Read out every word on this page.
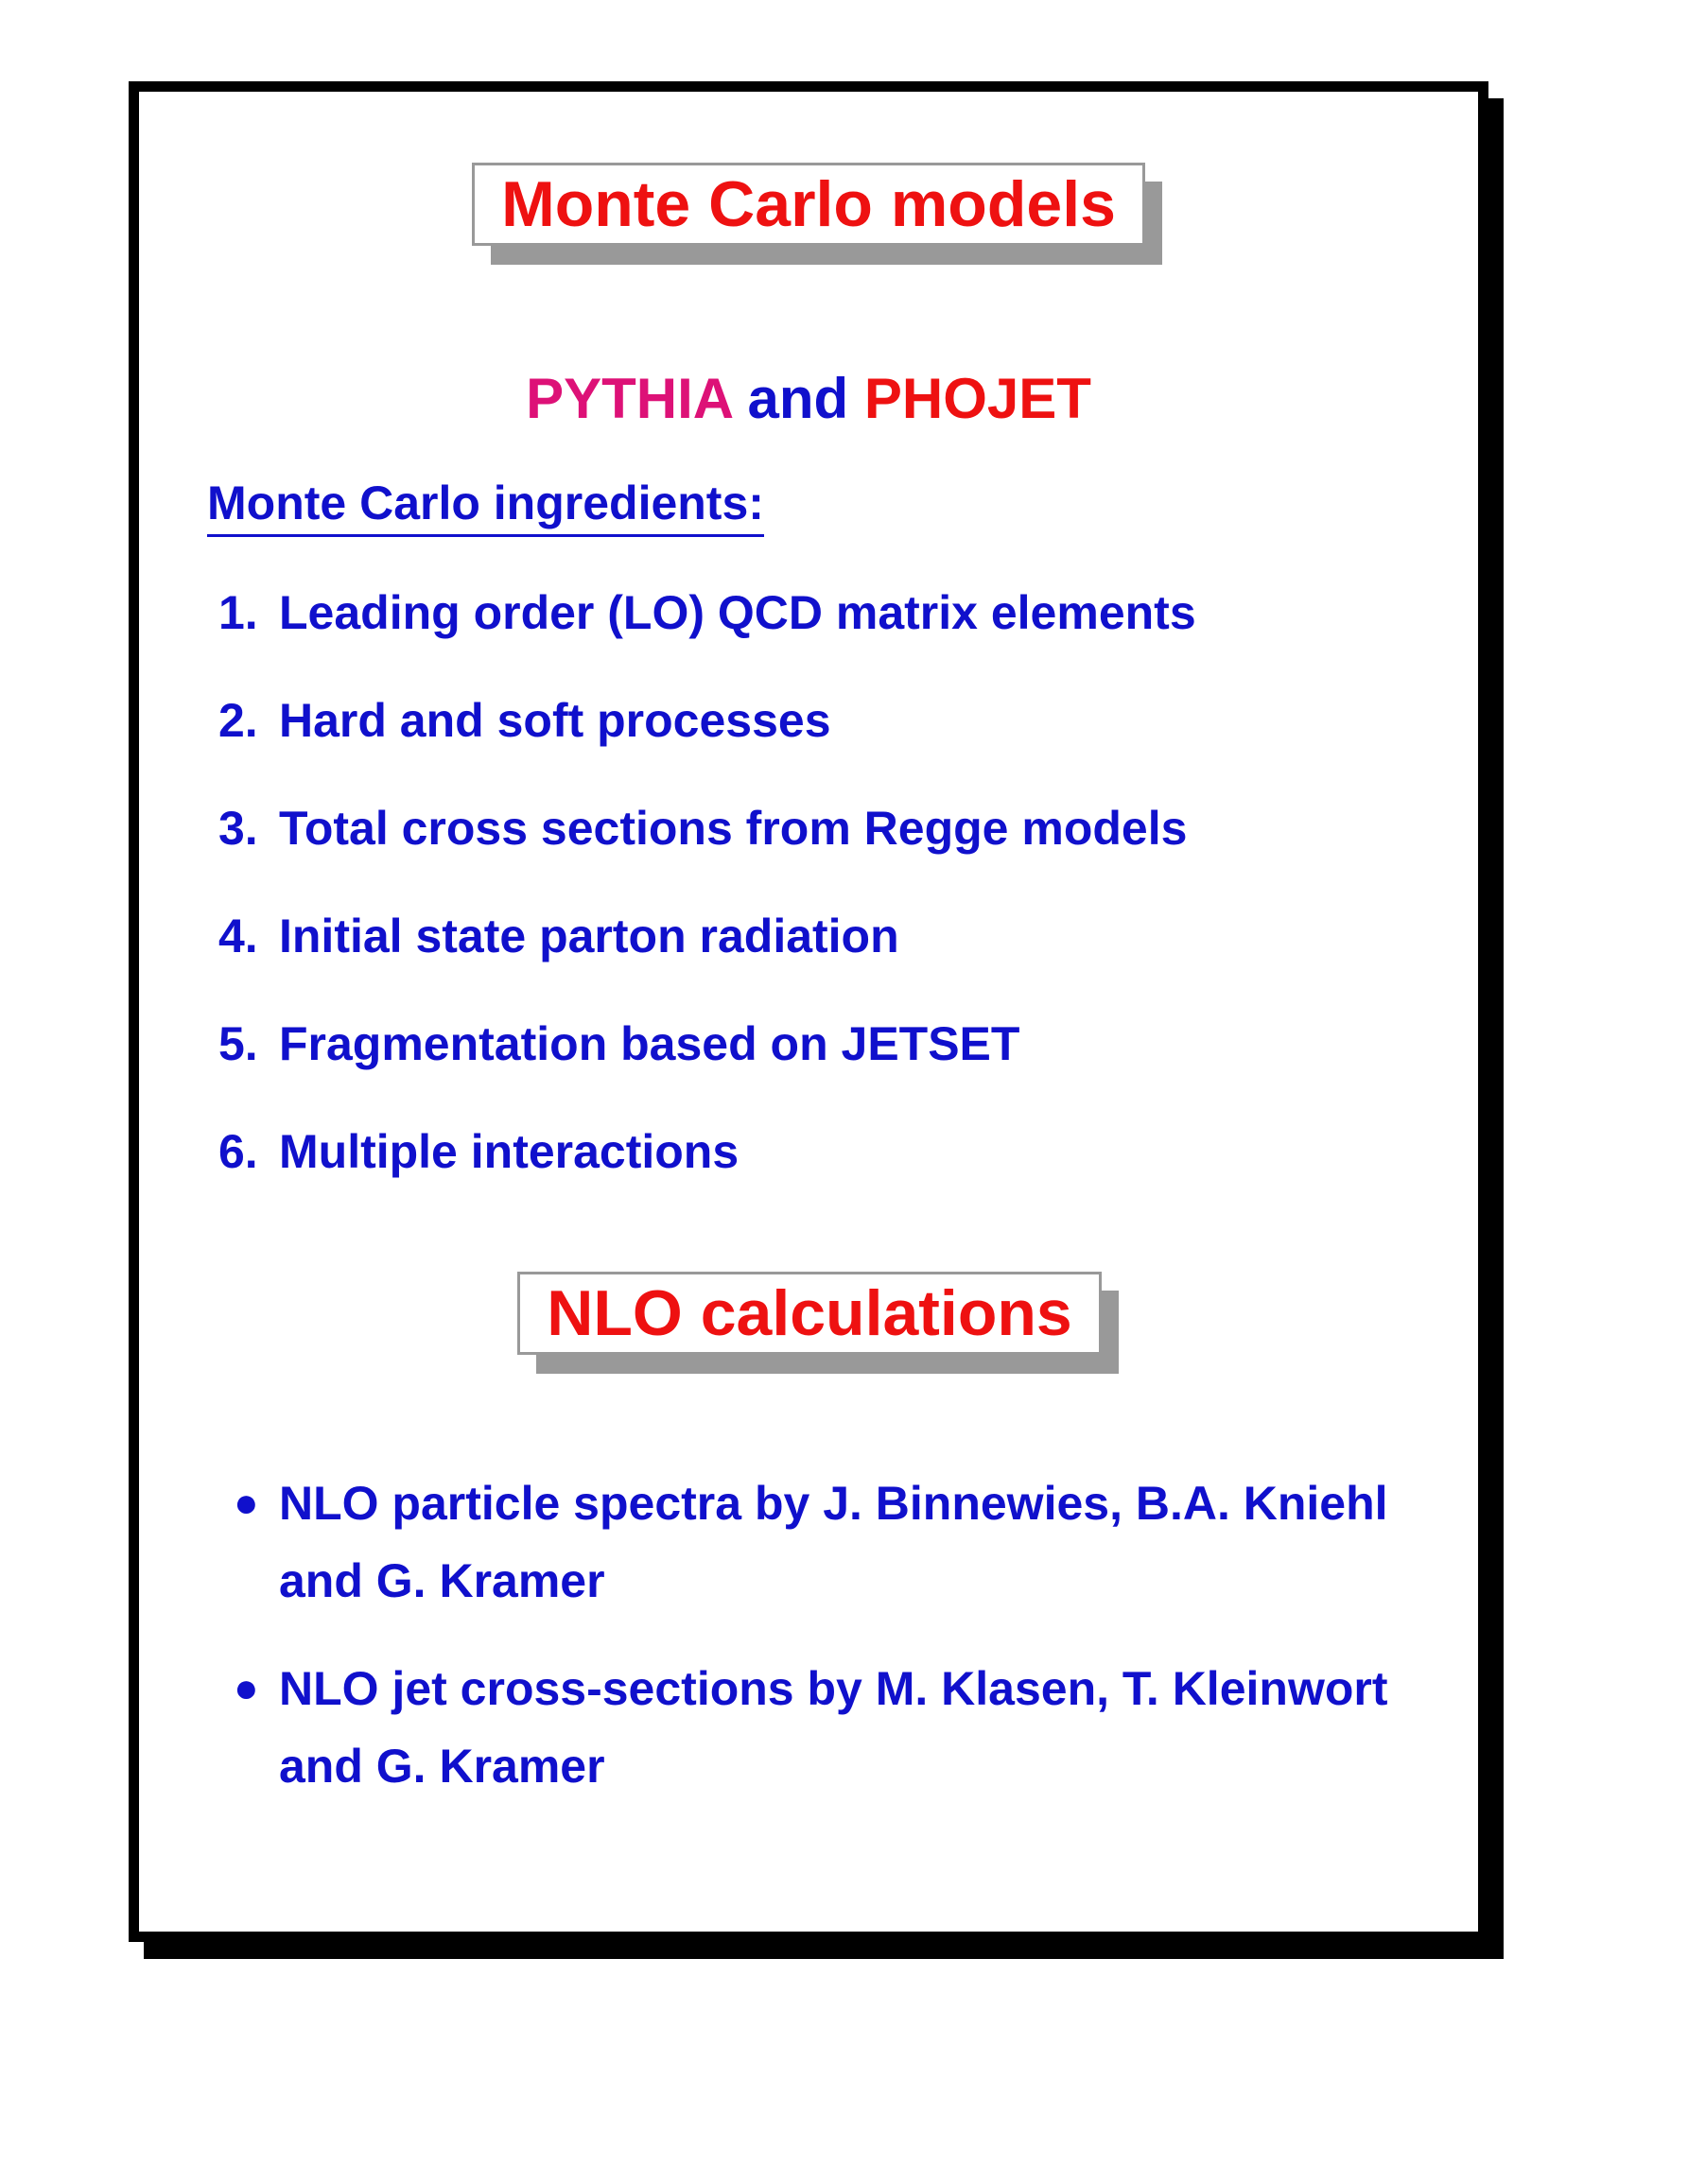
Monte Carlo models
PYTHIA and PHOJET
Monte Carlo ingredients:
1. Leading order (LO) QCD matrix elements
2. Hard and soft processes
3. Total cross sections from Regge models
4. Initial state parton radiation
5. Fragmentation based on JETSET
6. Multiple interactions
NLO calculations
● NLO particle spectra by J. Binnewies, B.A. Kniehl and G. Kramer
● NLO jet cross-sections by M. Klasen, T. Kleinwort and G. Kramer
